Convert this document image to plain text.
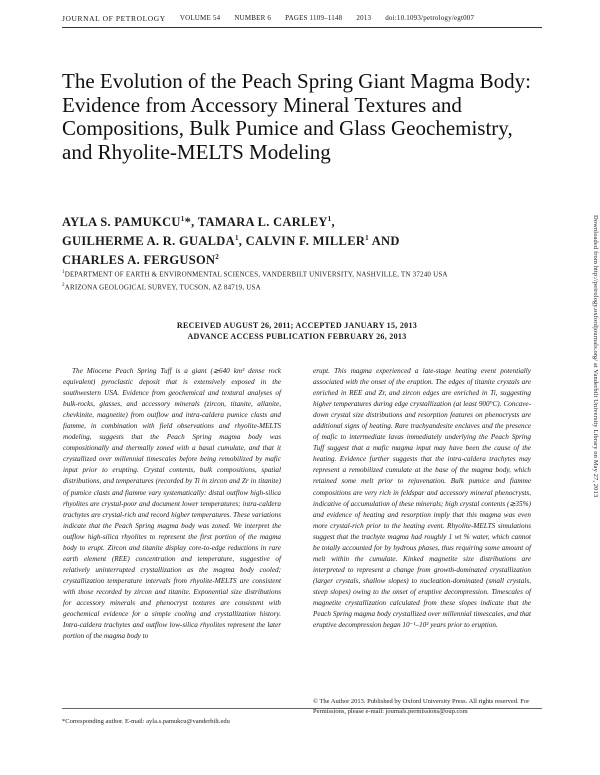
JOURNAL OF PETROLOGY VOLUME 54 NUMBER 6 PAGES 1109–1148 2013 doi:10.1093/petrology/egt007
The Evolution of the Peach Spring Giant Magma Body: Evidence from Accessory Mineral Textures and Compositions, Bulk Pumice and Glass Geochemistry, and Rhyolite-MELTS Modeling
AYLA S. PAMUKCU$^1$*, TAMARA L. CARLEY$^1$,
GUILHERME A. R. GUALDA$^1$, CALVIN F. MILLER$^1$ AND
CHARLES A. FERGUSON$^2$
$^1$DEPARTMENT OF EARTH & ENVIRONMENTAL SCIENCES, VANDERBILT UNIVERSITY, NASHVILLE, TN 37240 USA
$^2$ARIZONA GEOLOGICAL SURVEY, TUCSON, AZ 84719, USA
RECEIVED AUGUST 26, 2011; ACCEPTED JANUARY 15, 2013
ADVANCE ACCESS PUBLICATION FEBRUARY 26, 2013
The Miocene Peach Spring Tuff is a giant (≳640 km³ dense rock equivalent) pyroclastic deposit that is extensively exposed in the southwestern USA. Evidence from geochemical and textural analyses of bulk-rocks, glasses, and accessory minerals (zircon, titanite, allanite, chevkinite, magnetite) from outflow and intra-caldera pumice clasts and fiamme, in combination with field observations and rhyolite-MELTS modeling, suggests that the Peach Spring magma body was compositionally and thermally zoned with a basal cumulate, and that it crystallized over millennial timescales before being remobilized by mafic input prior to erupting. Crystal contents, bulk compositions, spatial distributions, and temperatures (recorded by Ti in zircon and Zr in titanite) of pumice clasts and fiamme vary systematically: distal outflow high-silica rhyolites are crystal-poor and document lower temperatures; intra-caldera trachytes are crystal-rich and record higher temperatures. These variations indicate that the Peach Spring magma body was zoned. We interpret the outflow high-silica rhyolites to represent the first portion of the magma body to erupt. Zircon and titanite display core-to-edge reductions in rare earth element (REE) concentration and temperature, suggestive of relatively uninterrupted crystallization as the magma body cooled; crystallization temperature intervals from rhyolite-MELTS are consistent with those recorded by zircon and titanite. Exponential size distributions for accessory minerals and phenocryst textures are consistent with geochemical evidence for a simple cooling and crystallization history. Intra-caldera trachytes and outflow low-silica rhyolites represent the later portion of the magma body to
erupt. This magma experienced a late-stage heating event potentially associated with the onset of the eruption. The edges of titanite crystals are enriched in REE and Zr, and zircon edges are enriched in Ti, suggesting higher temperatures during edge crystallization (at least 900°C). Concave-down crystal size distributions and resorption features on phenocrysts are additional signs of heating. Rare trachyandesite enclaves and the presence of mafic to intermediate lavas immediately underlying the Peach Spring Tuff suggest that a mafic magma input may have been the cause of the heating. Evidence further suggests that the intra-caldera trachytes may represent a remobilized cumulate at the base of the magma body, which retained some melt prior to rejuvenation. Bulk pumice and fiamme compositions are very rich in feldspar and accessory mineral phenocrysts, indicative of accumulation of these minerals; high crystal contents (≳35%) and evidence of heating and resorption imply that this magma was even more crystal-rich prior to the heating event. Rhyolite-MELTS simulations suggest that the trachyte magma had roughly 1 wt % water, which cannot be totally accounted for by hydrous phases, thus requiring some amount of melt within the cumulate. Kinked magnetite size distributions are interpreted to represent a change from growth-dominated crystallization (larger crystals, shallow slopes) to nucleation-dominated (small crystals, steep slopes) owing to the onset of eruptive decompression. Timescales of magnetite crystallization calculated from these slopes indicate that the Peach Spring magma body crystallized over millennial timescales, and that eruptive decompression began 10⁻¹–10² years prior to eruption.
*Corresponding author. E-mail: ayla.s.pamukcu@vanderbilt.edu
© The Author 2013. Published by Oxford University Press. All rights reserved. For Permissions, please e-mail: journals.permissions@oup.com
Downloaded from http://petrology.oxfordjournals.org/ at Vanderbilt University Library on May 27, 2013
